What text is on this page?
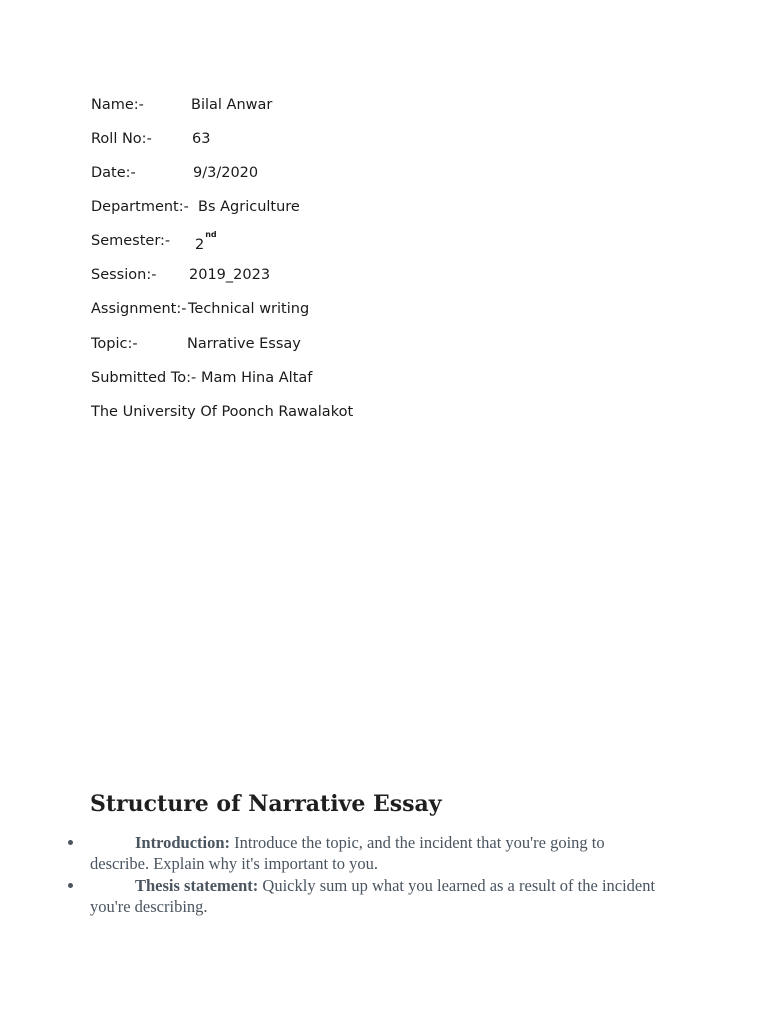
Name:-	Bilal Anwar
Roll No:-	63
Date:-	9/3/2020
Department:- Bs Agriculture
Semester:- 2nd
Session:- 2019_2023
Assignment:- Technical writing
Topic:-	Narrative Essay
Submitted To:- Mam Hina Altaf
The University Of Poonch Rawalakot
Structure of Narrative Essay
Introduction: Introduce the topic, and the incident that you're going to describe. Explain why it's important to you.
Thesis statement: Quickly sum up what you learned as a result of the incident you're describing.
